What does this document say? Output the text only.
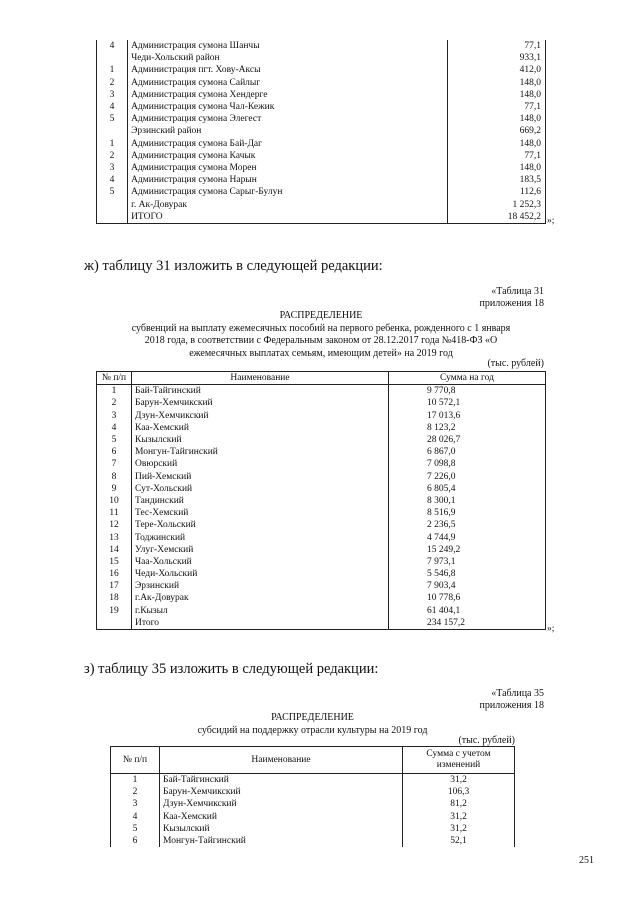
4	Администрация сумона Шанчы	77,1
	Чеди-Хольский район	933,1
1	Администрация пгт. Хову-Аксы	412,0
2	Администрация сумона Сайлыг	148,0
3	Администрация сумона Хендерге	148,0
4	Администрация сумона Чал-Кежик	77,1
5	Администрация сумона Элегест	148,0
	Эрзинский район	669,2
1	Администрация сумона Бай-Даг	148,0
2	Администрация сумона Качык	77,1
3	Администрация сумона Морен	148,0
4	Администрация сумона Нарын	183,5
5	Администрация сумона Сарыг-Булун	112,6
	г. Ак-Довурак	1 252,3
	ИТОГО	18 452,2 »;
ж) таблицу 31 изложить в следующей редакции:
«Таблица 31
приложения 18
РАСПРЕДЕЛЕНИЕ
субвенций на выплату ежемесячных пособий на первого ребенка, рожденного с 1 января
2018 года, в соответствии с Федеральным законом от 28.12.2017 года №418-ФЗ «О
ежемесячных выплатах семьям, имеющим детей» на 2019 год
(тыс. рублей)
№ п/п	Наименование	Сумма на год
1	Бай-Тайгинский	9 770,8
2	Барун-Хемчикский	10 572,1
3	Дзун-Хемчикский	17 013,6
4	Каа-Хемский	8 123,2
5	Кызылский	28 026,7
6	Монгун-Тайгинский	6 867,0
7	Овюрский	7 098,8
8	Пий-Хемский	7 226,0
9	Сут-Хольский	6 805,4
10	Тандинский	8 300,1
11	Тес-Хемский	8 516,9
12	Тере-Хольский	2 236,5
13	Тоджинский	4 744,9
14	Улуг-Хемский	15 249,2
15	Чаа-Хольский	7 973,1
16	Чеди-Хольский	5 546,8
17	Эрзинский	7 903,4
18	г.Ак-Довурак	10 778,6
19	г.Кызыл	61 404,1
	Итого	234 157,2
»;
з) таблицу 35 изложить в следующей редакции:
«Таблица 35
приложения 18
РАСПРЕДЕЛЕНИЕ
субсидий на поддержку отрасли культуры на 2019 год
(тыс. рублей)
№ п/п	Наименование	Сумма с учетом
изменений

1	Бай-Тайгинский	31,2
2	Барун-Хемчикский	106,3
3	Дзун-Хемчикский	81,2
4	Каа-Хемский	31,2
5	Кызылский	31,2
6	Монгун-Тайгинский	52,1
251
